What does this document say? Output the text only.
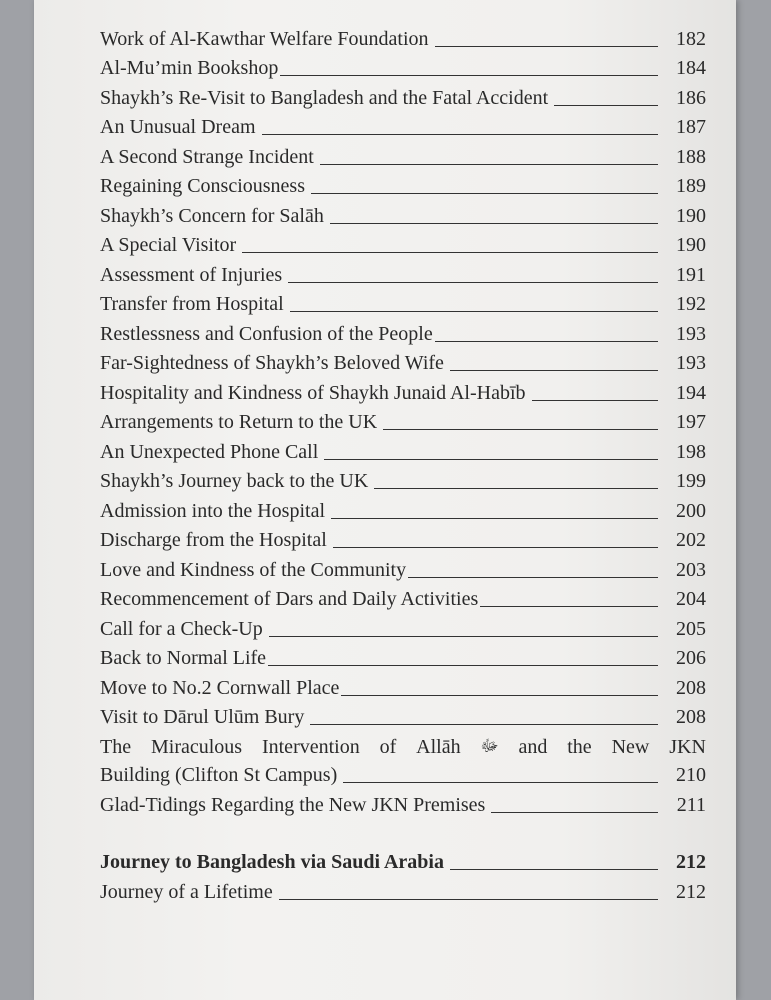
Work of Al-Kawthar Welfare Foundation	182
Al-Mu’min Bookshop	184
Shaykh’s Re-Visit to Bangladesh and the Fatal Accident	186
An Unusual Dream	187
A Second Strange Incident	188
Regaining Consciousness	189
Shaykh’s Concern for Salāh	190
A Special Visitor	190
Assessment of Injuries	191
Transfer from Hospital	192
Restlessness and Confusion of the People	193
Far-Sightedness of Shaykh’s Beloved Wife	193
Hospitality and Kindness of Shaykh Junaid Al-Habīb	194
Arrangements to Return to the UK	197
An Unexpected Phone Call	198
Shaykh’s Journey back to the UK	199
Admission into the Hospital	200
Discharge from the Hospital	202
Love and Kindness of the Community	203
Recommencement of Dars and Daily Activities	204
Call for a Check-Up	205
Back to Normal Life	206
Move to No.2 Cornwall Place	208
Visit to Dārul Ulūm Bury	208
The Miraculous Intervention of Allāh ﷻ and the New JKN
Building (Clifton St Campus)	210
Glad-Tidings Regarding the New JKN Premises	211
Journey to Bangladesh via Saudi Arabia	212
Journey of a Lifetime	212
